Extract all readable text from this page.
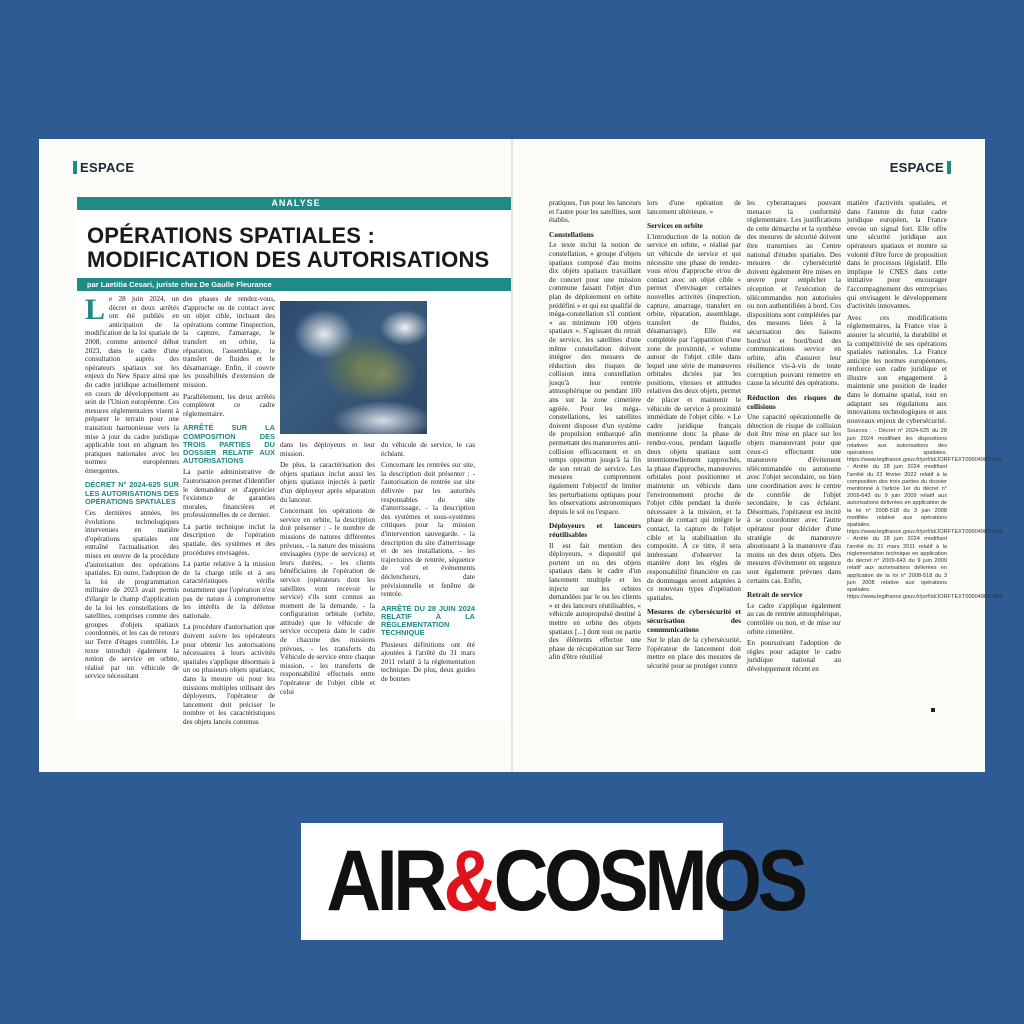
ESPACE
ANALYSE
OPÉRATIONS SPATIALES :
MODIFICATION DES AUTORISATIONS
par Laetitia Cesari, juriste chez De Gaulle Fleurance

Le 28 juin 2024, un décret et deux arrêtés ont été publiés en anticipation de la modification de la loi spatiale de 2008, comme annoncé début 2023, dans le cadre d'une consultation auprès des opérateurs spatiaux sur les enjeux du New Space ainsi que du cadre juridique actuellement en cours de développement au sein de l'Union européenne. Ces mesures réglementaires visent à préparer le terrain pour une transition harmonieuse vers la mise à jour du cadre juridique applicable tout en alignant les pratiques nationales avec les normes européennes émergentes.

DÉCRET N° 2024-625 SUR LES AUTORISATIONS DES OPÉRATIONS SPATIALES

Ces dernières années, les évolutions technologiques intervenues en matière d'opérations spatiales ont entraîné l'actualisation des mises en œuvre de la procédure d'autorisation des opérations spatiales. En outre, l'adoption de la loi de programmation militaire de 2023 avait permis d'élargir le champ d'application de la loi les constellations de satellites, comprises comme des groupes d'objets spatiaux coordonnés, et les cas de retours sur Terre d'étages contrôlés. Le texte introduit également la notion de service en orbite, réalisé par un véhicule de service nécessitant

des phases de rendez-vous, d'approche ou de contact avec un objet cible, incluant des opérations comme l'inspection, la capture, l'amarrage, le transfert en orbite, la réparation, l'assemblage, le transfert de fluides et le désamarrage. Enfin, il couvre les possibilités d'extension de mission.

Parallèlement, les deux arrêtés complètent ce cadre réglementaire.

ARRÊTÉ SUR LA COMPOSITION DES TROIS PARTIES DU DOSSIER RELATIF AUX AUTORISATIONS

La partie administrative de l'autorisation permet d'identifier le demandeur et d'apprécier l'existence de garanties morales, financières et professionnelles de ce dernier.

La partie technique inclut la description de l'opération spatiale, des systèmes et des procédures envisagées.

La partie relative à la mission de la charge utile et à ses caractéristiques vérifie notamment que l'opération n'est pas de nature à compromettre les intérêts de la défense nationale.

La procédure d'autorisation que doivent suivre les opérateurs pour obtenir les autorisations nécessaires à leurs activités spatiales s'applique désormais à un ou plusieurs objets spatiaux, dans la mesure où pour les missions multiples utilisant des déployeurs, l'opérateur de lancement doit préciser le nombre et les caractéristiques des objets lancés contenus

dans les déployeurs et leur mission.

De plus, la caractérisation des objets spatiaux inclut aussi les objets spatiaux injectés à partir d'un déployeur après séparation du lanceur.

Concernant les opérations de service en orbite, la description doit présenter : - le nombre de missions de natures différentes prévues, - la nature des missions envisagées (type de services) et leurs durées, - les clients bénéficiaires de l'opération de service (opérateurs dont les satellites vont recevoir le service) s'ils sont connus au moment de la demande, - la configuration orbitale (orbite, attitude) que le véhicule de service occupera dans le cadre de chacune des missions prévues, - les transferts du Véhicule de service entre chaque mission, - les transferts de responsabilité effectués entre l'opérateur de l'objet cible et celui

du véhicule de service, le cas échéant.

Concernant les rentrées sur site, la description doit présenter : - l'autorisation de rentrée sur site délivrée par les autorités responsables du site d'atterrissage, - la description des systèmes et sous-systèmes critiques pour la mission d'intervention sauvegarde. - la description du site d'atterrissage et de ses installations, - les trajectoires de rentrée, séquence de vol et événements déclencheurs, date prévisionnelle et fenêtre de rentrée.

ARRÊTÉ DU 28 JUIN 2024 RELATIF À LA RÉGLEMENTATION TECHNIQUE

Plusieurs définitions ont été ajoutées à l'arrêté du 31 mars 2011 relatif à la réglementation technique. De plus, deux guides de bonnes

ESPACE

pratiques, l'un pour les lanceurs et l'autre pour les satellites, sont établis.

Constellations

Le texte inclut la notion de constellation, « groupe d'objets spatiaux composé d'au moins dix objets spatiaux travaillant de concert pour une mission commune faisant l'objet d'un plan de déploiement en orbite prédéfini » et qui est qualifié de méga-constellation s'il contient « au minimum 100 objets spatiaux ». S'agissant du retrait de service, les satellites d'une même constellation doivent intégrer des mesures de réduction des risques de collision intra constellation jusqu'à leur rentrée atmosphérique ou pendant 100 ans sur la zone cimetière agréée. Pour les méga-constellations, les satellites doivent disposer d'un système de propulsion embarqué afin permettant des manœuvres anti-collision efficacement et en temps opportun jusqu'à la fin de son retrait de service. Les mesures comprennent également l'objectif de limiter les perturbations optiques pour les observations astronomiques depuis le sol ou l'espace.

Déployeurs et lanceurs réutilisables

Il est fait mention des déployeurs, « dispositif qui portent un ou des objets spatiaux dans le cadre d'un lancement multiple et les injecte sur les orbites demandées par le ou les clients » et des lanceurs réutilisables, « véhicule autopropulsé destiné à mettre en orbite des objets spatiaux [...] dont tout ou partie des éléments effectue une phase de récupération sur Terre afin d'être réutilisé

lors d'une opération de lancement ultérieure. »

Services en orbite

L'introduction de la notion de service en orbite, « réalisé par un véhicule de service et qui nécessite une phase de rendez-vous et/ou d'approche et/ou de contact avec un objet cible » permet d'envisager certaines nouvelles activités (inspection, capture, amarrage, transfert en orbite, réparation, assemblage, transfert de fluides, désamarrage). Elle est complétée par l'apparition d'une zone de proximité, « volume autour de l'objet cible dans lequel une série de manœuvres orbitales dictées par les positions, vitesses et attitudes relatives des deux objets, permet de placer et maintenir le véhicule de service à proximité immédiate de l'objet cible. » Le cadre juridique français mentionne donc la phase de rendez-vous, pendant laquelle deux objets spatiaux sont intentionnellement rapprochés, la phase d'approche, manœuvres orbitales pour positionner et maintenir un véhicule dans l'environnement proche de l'objet cible pendant la durée nécessaire à la mission, et la phase de contact qui intègre le contact, la capture de l'objet cible et la stabilisation du composite. À ce titre, il sera intéressant d'observer la manière dont les règles de responsabilité financière en cas de dommages seront adaptées à ce nouveau types d'opération spatiales.

Mesures de cybersécurité et sécurisation des communications

Sur le plan de la cybersécurité, l'opérateur de lancement doit mettre en place des mesures de sécurité pour se protéger contre

les cyberattaques pouvant menacer la conformité réglementaire. Les justifications de cette démarche et la synthèse des mesures de sécurité doivent être transmises au Centre national d'études spatiales. Des mesures de cybersécurité doivent également être mises en œuvre pour empêcher la réception et l'exécution de télécommandes non autorisées ou non authentifiées à bord. Ces dispositions sont complétées par des mesures liées à la sécurisation des liaisons bord/sol et bord/bord des communications service en orbite, afin d'assurer leur résilience vis-à-vis de toute corruption pouvant remettre en cause la sécurité des opérations.

Réduction des risques de collisions

Une capacité opérationnelle de détection de risque de collision doit être mise en place sur les objets manœuvrant pour que ceux-ci effectuent une manœuvre d'évitement télécommandée ou autonome avec l'objet secondaire, ou bien une coordination avec le centre de contrôle de l'objet secondaire, le cas échéant. Désormais, l'opérateur est incité à se coordonner avec l'autre opérateur pour décider d'une stratégie de manœuvre aboutissant à la manœuvre d'au moins un des deux objets. Des mesures d'évitement en urgence sont également prévues dans certains cas. Enfin,

Retrait de service

Le cadre s'applique également au cas de rentrée atmosphérique, contrôlée ou non, et de mise sur orbite cimetière.

En poursuivant l'adoption de règles pour adapter le cadre juridique national au développement récent en

matière d'activités spatiales, et dans l'attente du futur cadre juridique européen, la France envoie un signal fort. Elle offre une sécurité juridique aux opérateurs spatiaux et montre sa volonté d'être force de proposition dans le processus législatif. Elle implique le CNES dans cette initiative pour encourager l'accompagnement des entreprises qui envisagent le développement d'activités innovantes.

Avec ces modifications réglementaires, la France vise à assurer la sécurité, la durabilité et la compétitivité de ses opérations spatiales nationales. La France anticipe les normes européennes, renforce son cadre juridique et illustre son engagement à maintenir une position de leader dans le domaine spatial, tout en adaptant ses régulations aux innovations technologiques et aux nouveaux enjeux de cybersécurité.

Sources : - Décret n° 2024-625 du 28 juin 2024 modifiant les dispositions relatives aux autorisations des opérations spatiales. https://www.legifrance.gouv.fr/jorf/id/JORFTEXT000049831691 - Arrêté du 28 juin 2024 modifiant l'arrêté du 23 février 2022 relatif à la composition des trois parties du dossier mentionné à l'article 1er du décret n° 2009-643 du 9 juin 2009 relatif aux autorisations délivrées en application de la loi n° 2008-518 du 3 juin 2008 modifiée relative aux opérations spatiales. https://www.legifrance.gouv.fr/jorf/id/JORFTEXT000049831816 - Arrêté du 28 juin 2024 modifiant l'arrêté du 31 mars 2011 relatif à la réglementation technique en application du décret n° 2009-643 du 9 juin 2009 relatif aux autorisations délivrées en application de la loi n° 2008-518 du 3 juin 2008 relative aux opérations spatiales. https://www.legifrance.gouv.fr/jorf/id/JORFTEXT000049831852
AIR&COSMOS
